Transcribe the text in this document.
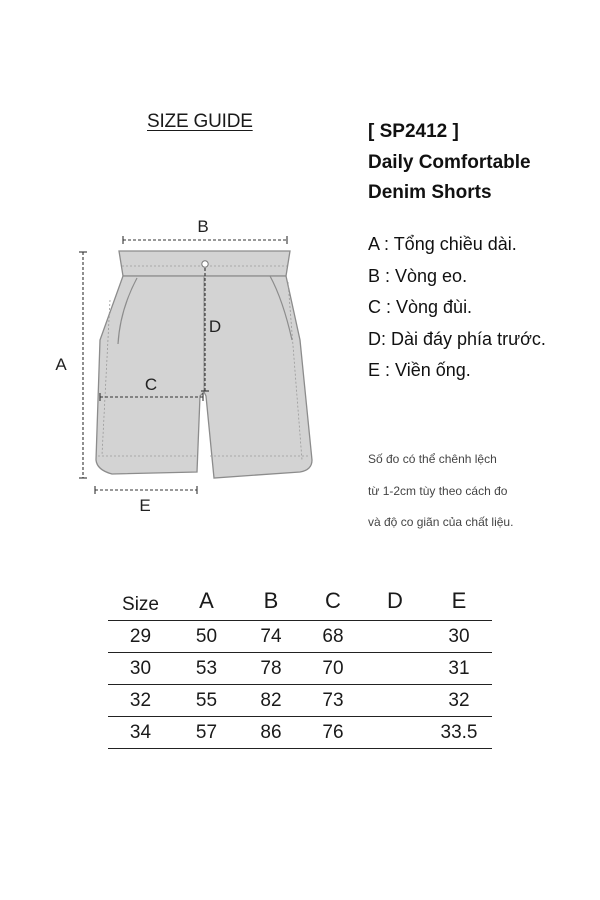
SIZE GUIDE	[ SP2412 ]
Daily Comfortable
Denim Shorts
A : Tổng chiều dài.
B : Vòng eo.
C : Vòng đùi.
D: Dài đáy phía trước.
E : Viền ống.
Số đo có thể chênh lệch
từ 1-2cm tùy theo cách đo
và độ co giãn của chất liệu.
B
A
D
C
E
Size	A	B	C	D	E
29	50	74	68		30
30	53	78	70		31
32	55	82	73		32
34	57	86	76		33.5
